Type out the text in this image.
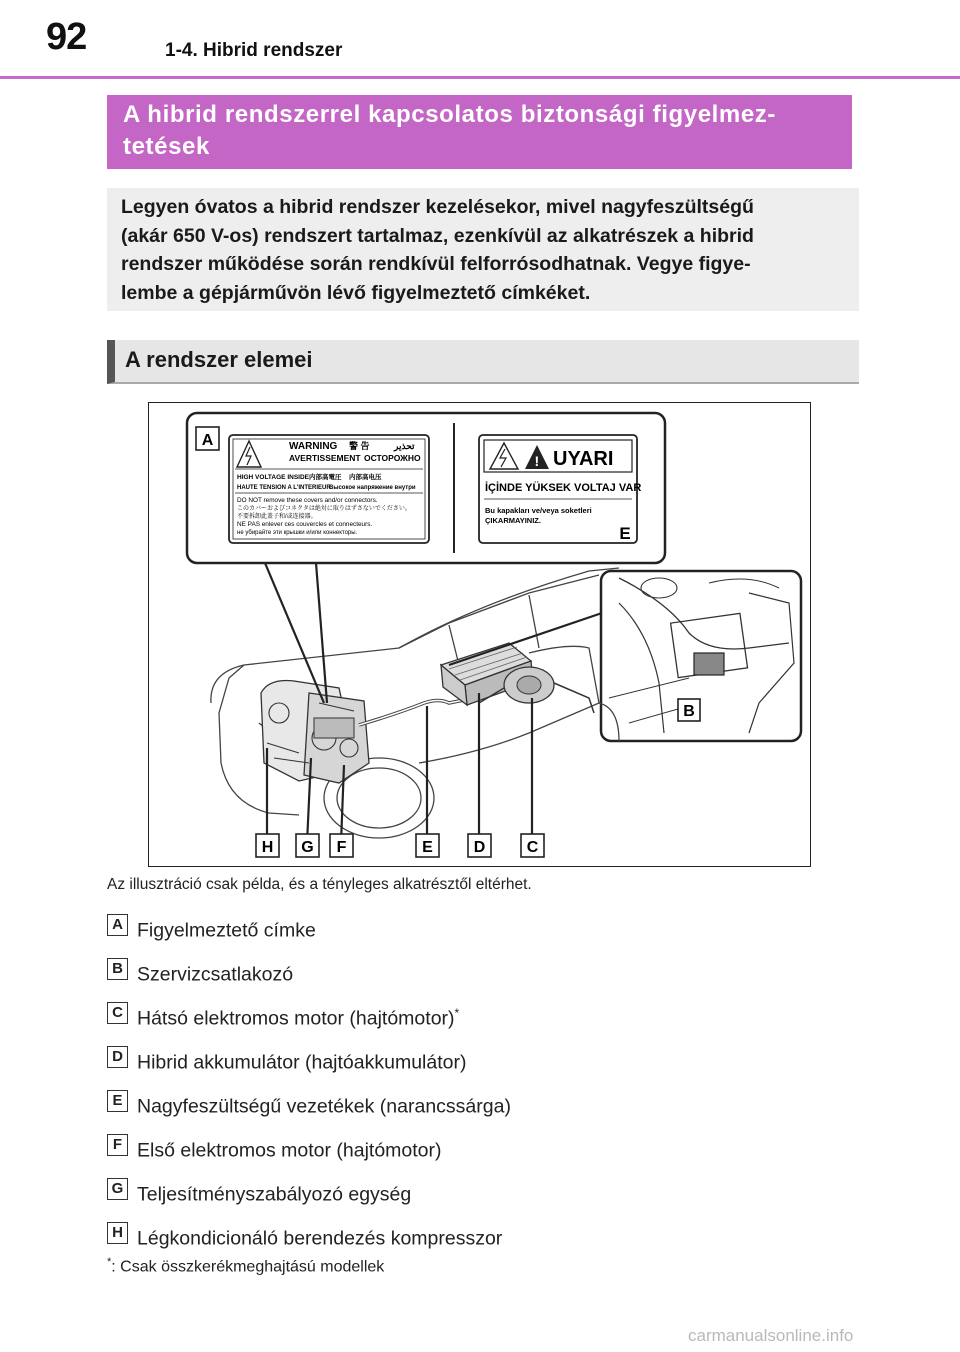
92	1-4. Hibrid rendszer
A hibrid rendszerrel kapcsolatos biztonsági figyelmez-
tetések
Legyen óvatos a hibrid rendszer kezelésekor, mivel nagyfeszültségű
(akár 650 V-os) rendszert tartalmaz, ezenkívül az alkatrészek a hibrid
rendszer működése során rendkívül felforrósodhatnak. Vegye figye-
lembe a gépjárművön lévő figyelmeztető címkéket.
A rendszer elemei
WARNING 警 告	تحذير
AVERTISSEMENT ОСТОРОЖНО
HIGH VOLTAGE INSIDE 内部高電圧 内部高电压
HAUTE TENSION A L'INTERIEUR
Высокое напряжение внутри
DO NOT remove these covers and/or connectors.
このカバーおよびコネクタは絶対に取りはずさないでください。
不要拆卸此盖子和/或连接器。
NE PAS enlever ces couvercles et connecteurs.
не убирайте эти крышки и/или коннекторы.
! UYARI
İÇİNDE YÜKSEK VOLTAJ VAR
Bu kapakları ve/veya soketleri
ÇIKARMAYINIZ.
A
E
B
H G F	E	D	C
Az illusztráció csak példa, és a tényleges alkatrésztől eltérhet.
A Figyelmeztető címke
B Szervizcsatlakozó
C Hátsó elektromos motor (hajtómotor)*
D Hibrid akkumulátor (hajtóakkumulátor)
E Nagyfeszültségű vezetékek (narancssárga)
F Első elektromos motor (hajtómotor)
G Teljesítményszabályozó egység
H Légkondicionáló berendezés kompresszor
*: Csak összkerékmeghajtású modellek
carmanualsonline.info
